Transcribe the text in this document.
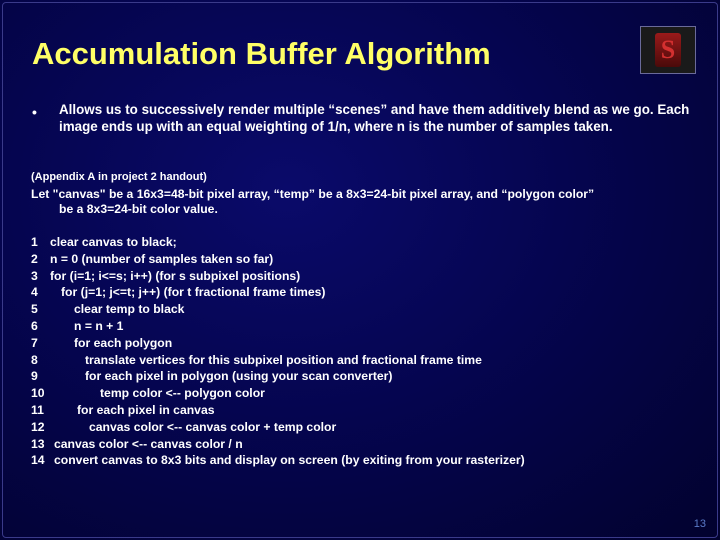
Accumulation Buffer Algorithm	S
• Allows us to successively render multiple “scenes” and have them additively blend as we go. Each image ends up with an equal weighting of 1/n, where n is the number of samples taken.
(Appendix A in project 2 handout)
Let "canvas" be a 16x3=48-bit pixel array, “temp” be a 8x3=24-bit pixel array, and “polygon color”
be a 8x3=24-bit color value.
1 clear canvas to black;
2 n = 0 (number of samples taken so far)
3 for (i=1; i<=s; i++) (for s subpixel positions)
4 for (j=1; j<=t; j++) (for t fractional frame times)
5	clear temp to black
6	n = n + 1
7	for each polygon
8	translate vertices for this subpixel position and fractional frame time
9	for each pixel in polygon (using your scan converter)
10	temp color <-- polygon color
11	for each pixel in canvas
12	canvas color <-- canvas color + temp color
13 canvas color <-- canvas color / n
14 convert canvas to 8x3 bits and display on screen (by exiting from your rasterizer)
13
